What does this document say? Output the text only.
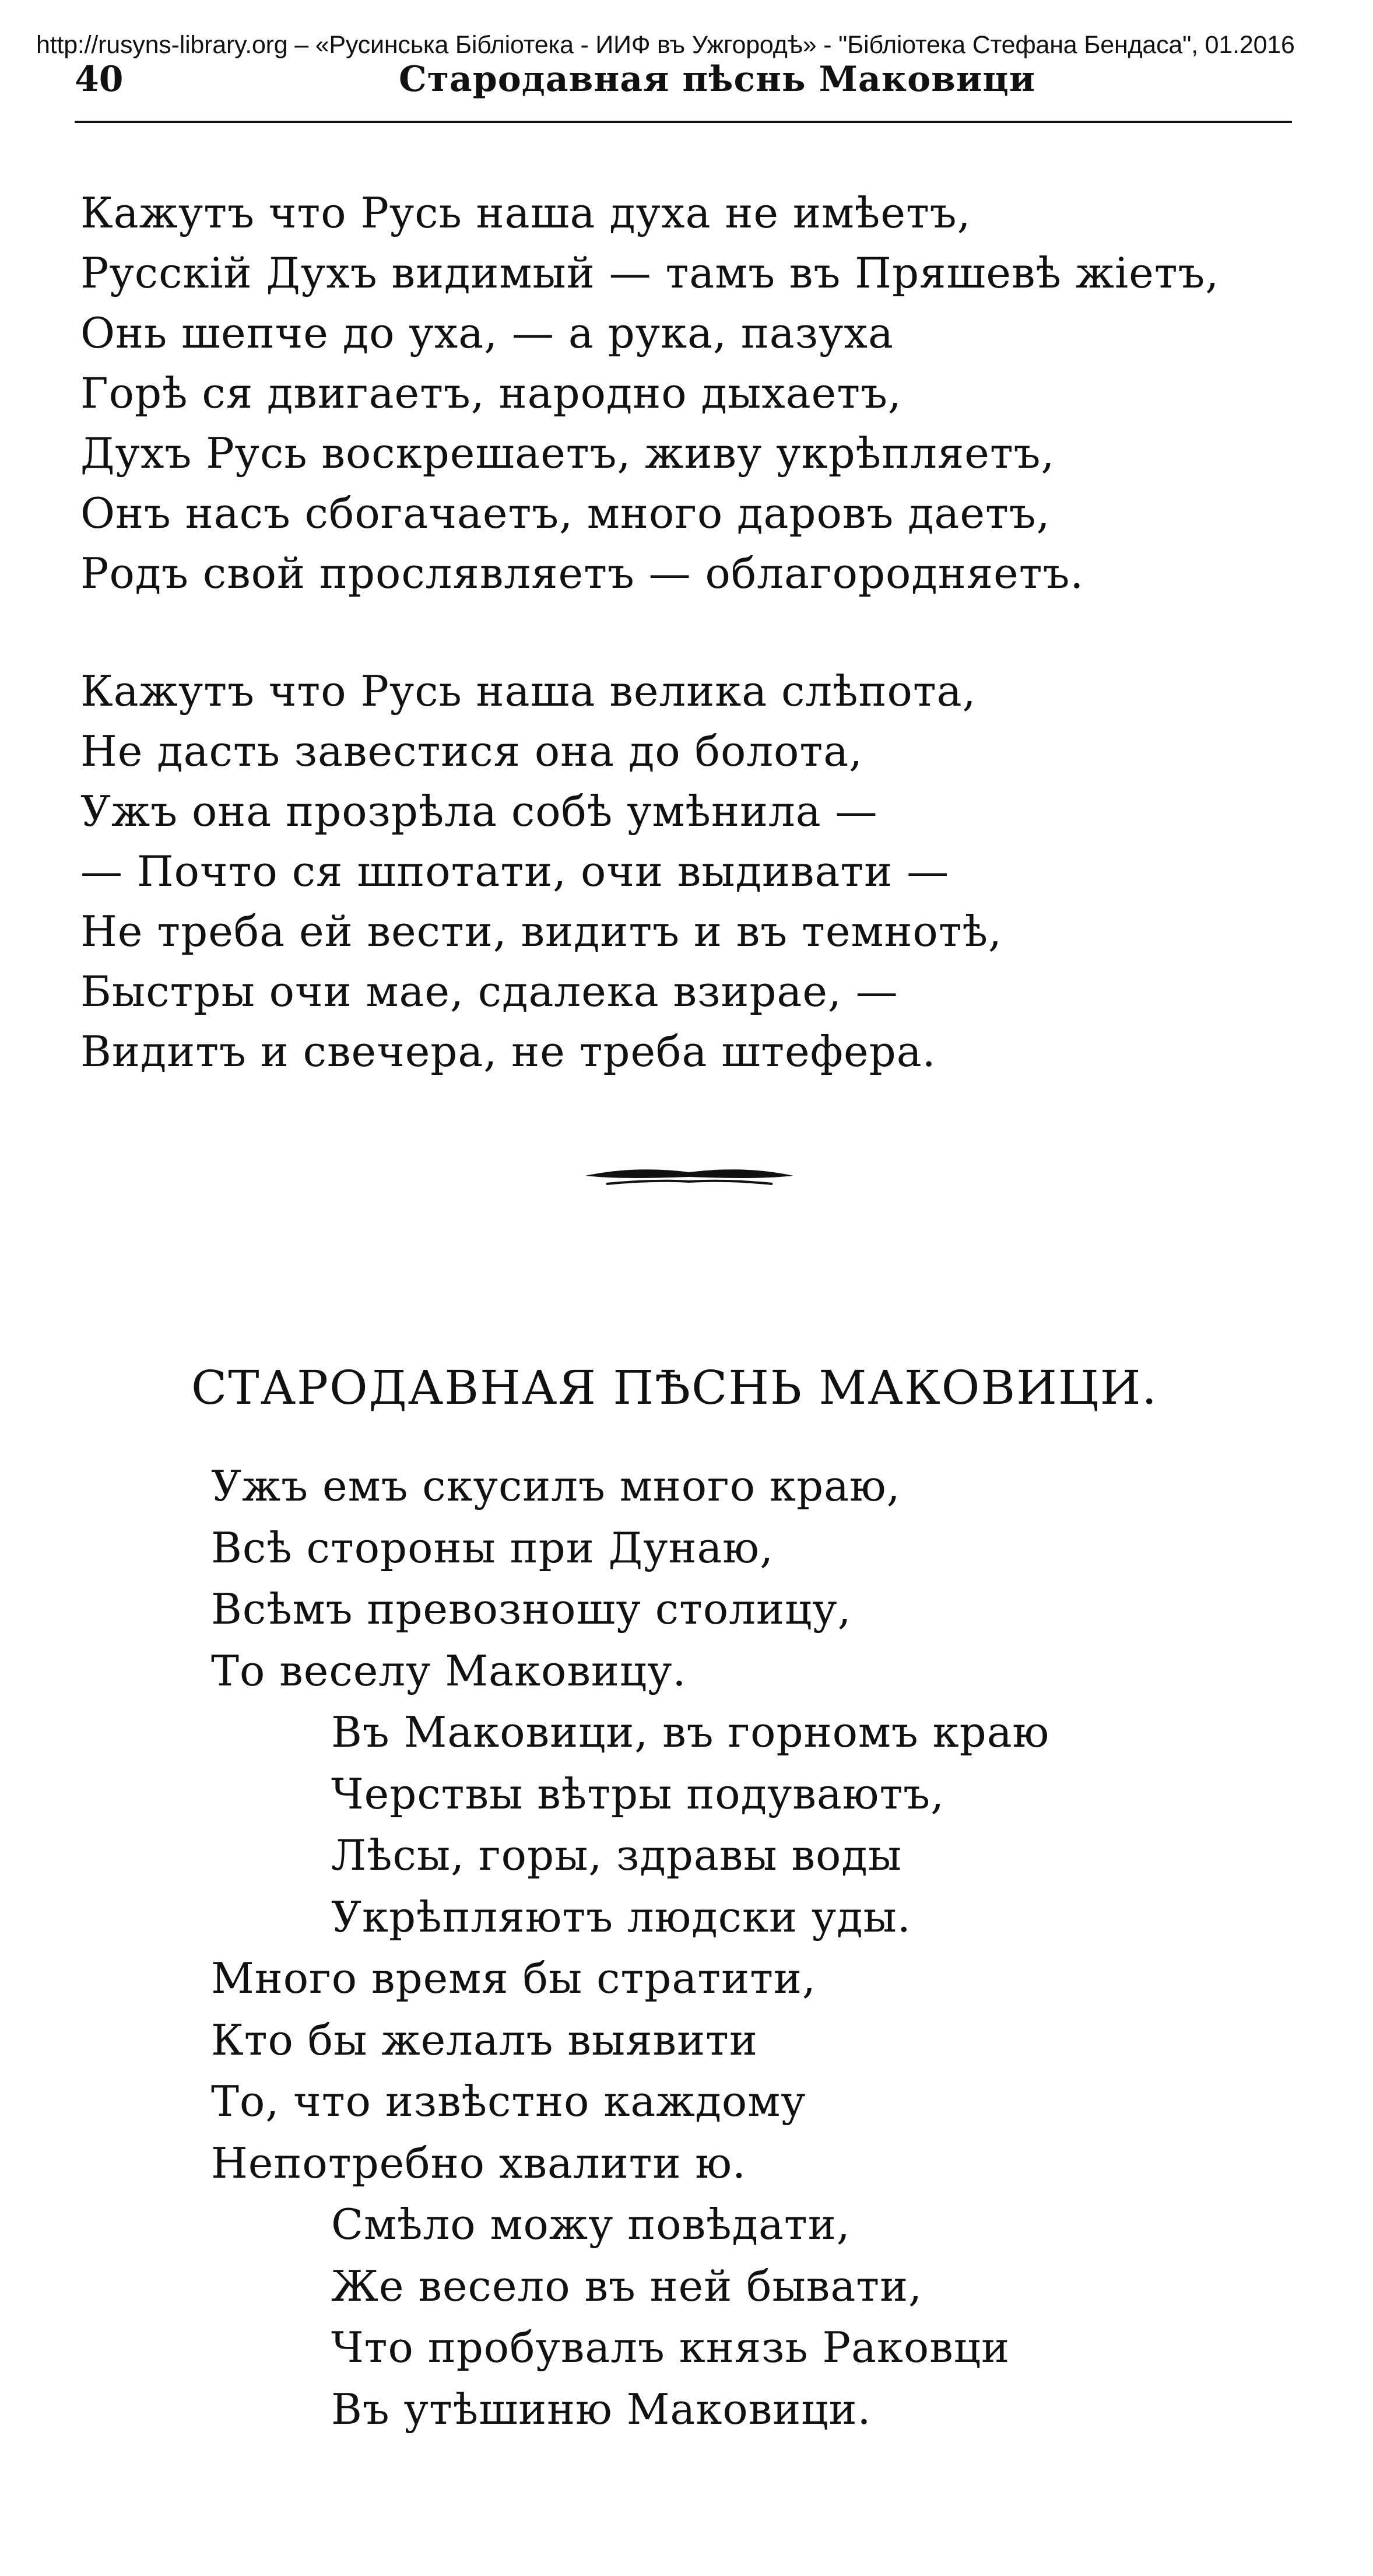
http://rusyns-library.org – «Русинська Бібліотека - ИИФ въ Ужгородѣ» - "Бібліотека Стефана Бендаса", 01.2016
40	Стародавная пѣснь Маковици
Кажутъ что Русь наша духа не имѣетъ,
Русскій Духъ видимый — тамъ въ Пряшевѣ жіетъ,
Онь шепче до уха, — а рука, пазуха
Горѣ ся двигаетъ, народно дыхаетъ,
Духъ Русь воскрешаетъ, живу укрѣпляетъ,
Онъ насъ сбогачаетъ, много даровъ даетъ,
Родъ свой прослявляетъ — облагородняетъ.
Кажутъ что Русь наша велика слѣпота,
Не дасть завестися она до болота,
Ужъ она прозрѣла собѣ умѣнила —
— Почто ся шпотати, очи выдивати —
Не треба ей вести, видитъ и въ темнотѣ,
Быстры очи мае, сдалека взирае, —
Видитъ и свечера, не треба штефера.
СТАРОДАВНАЯ ПѢСНЬ МАКОВИЦИ.
Ужъ емъ скусилъ много краю,
Всѣ стороны при Дунаю,
Всѣмъ превозношу столицу,
То веселу Маковицу.
Въ Маковици, въ горномъ краю
Черствы вѣтры подуваютъ,
Лѣсы, горы, здравы воды
Укрѣпляютъ людски уды.
Много время бы стратити,
Кто бы желалъ выявити
То, что извѣстно каждому
Непотребно хвалити ю.
Смѣло можу повѣдати,
Же весело въ ней бывати,
Что пробувалъ князь Раковци
Въ утѣшиню Маковици.
